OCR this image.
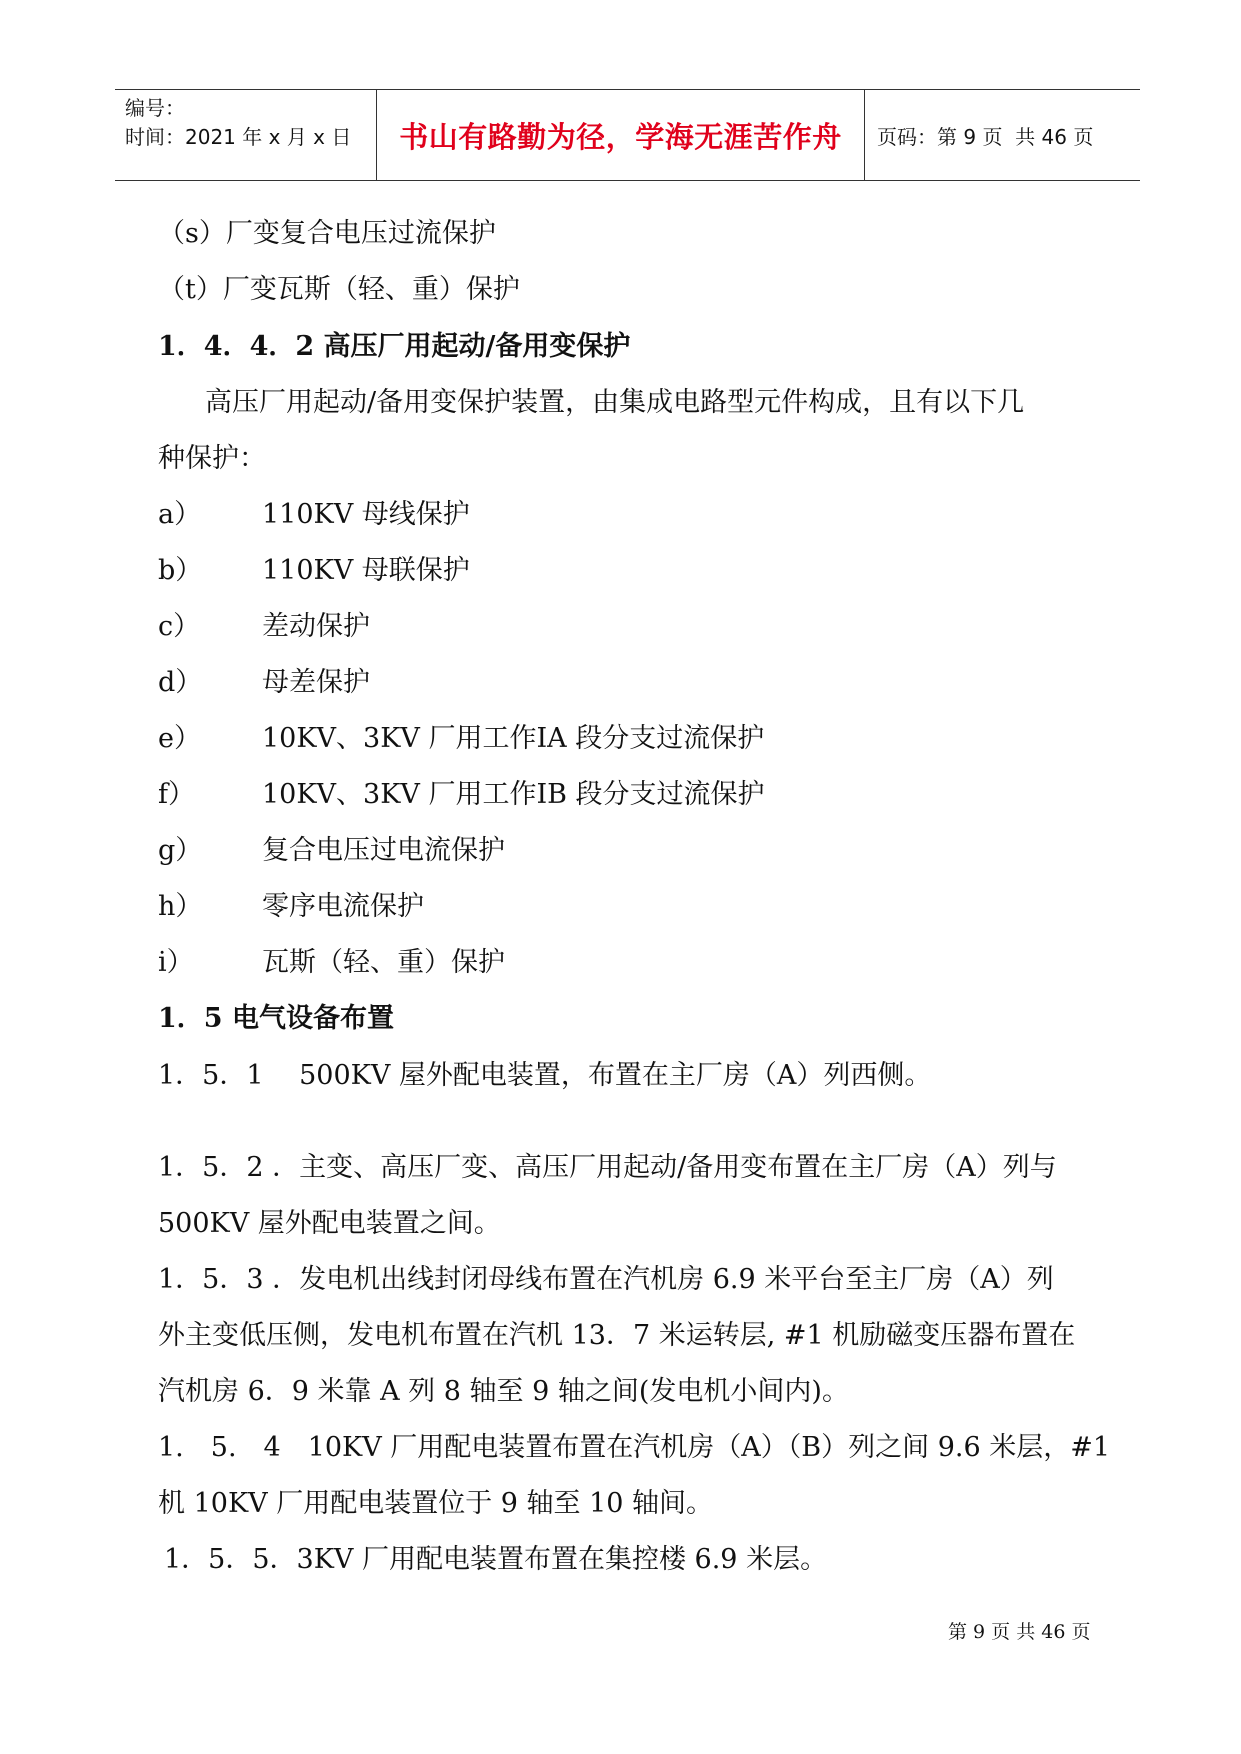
编号：
时间：2021 年 x 月 x 日	书山有路勤为径，学海无涯苦作舟	页码：第 9 页  共 46 页
（s）厂变复合电压过流保护
（t）厂变瓦斯（轻、重）保护
1．4．4．2 高压厂用起动/备用变保护
高压厂用起动/备用变保护装置，由集成电路型元件构成，且有以下几
种保护：
a） 110KV 母线保护
b） 110KV 母联保护
c） 差动保护
d） 母差保护
e） 10KV、3KV 厂用工作ⅠA 段分支过流保护
f） 10KV、3KV 厂用工作ⅠB 段分支过流保护
g） 复合电压过电流保护
h） 零序电流保护
i）	瓦斯（轻、重）保护
1．5 电气设备布置
1．5．1　 500KV 屋外配电装置，布置在主厂房（A）列西侧。
1．5．2 ．主变、高压厂变、高压厂用起动/备用变布置在主厂房（A）列与
500KV 屋外配电装置之间。
1．5．3 ．发电机出线封闭母线布置在汽机房 6.9 米平台至主厂房（A）列
外主变低压侧，发电机布置在汽机 13．7 米运转层, #1 机励磁变压器布置在
汽机房 6．9 米靠 A 列 8 轴至 9 轴之间(发电机小间内)。
1.　5.　4　10KV 厂用配电装置布置在汽机房（A）（B）列之间 9.6 米层，#1
机 10KV 厂用配电装置位于 9 轴至 10 轴间。
1．5．5．3KV 厂用配电装置布置在集控楼 6.9 米层。
第 9 页 共 46 页
